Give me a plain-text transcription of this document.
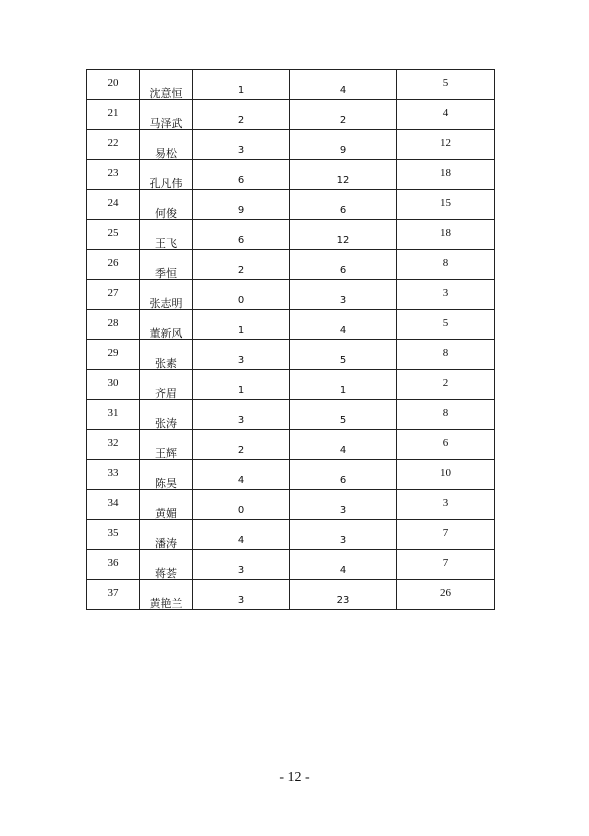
20	沈意恒	1	4	5

21	马泽武	2	2	4

22	易松	3	9	12

23	孔凡伟	6	12	18

24	何俊	9	6	15

25	王飞	6	12	18

26	季恒	2	6	8

27	张志明	0	3	3

28	董新风	1	4	5

29	张素	3	5	8

30	齐眉	1	1	2

31	张涛	3	5	8

32	王辉	2	4	6

33	陈昊	4	6	10

34	黄媚	0	3	3

35	潘涛	4	3	7

36	蒋荟	3	4	7

37	黄艳兰	3	23	26
- 12 -
